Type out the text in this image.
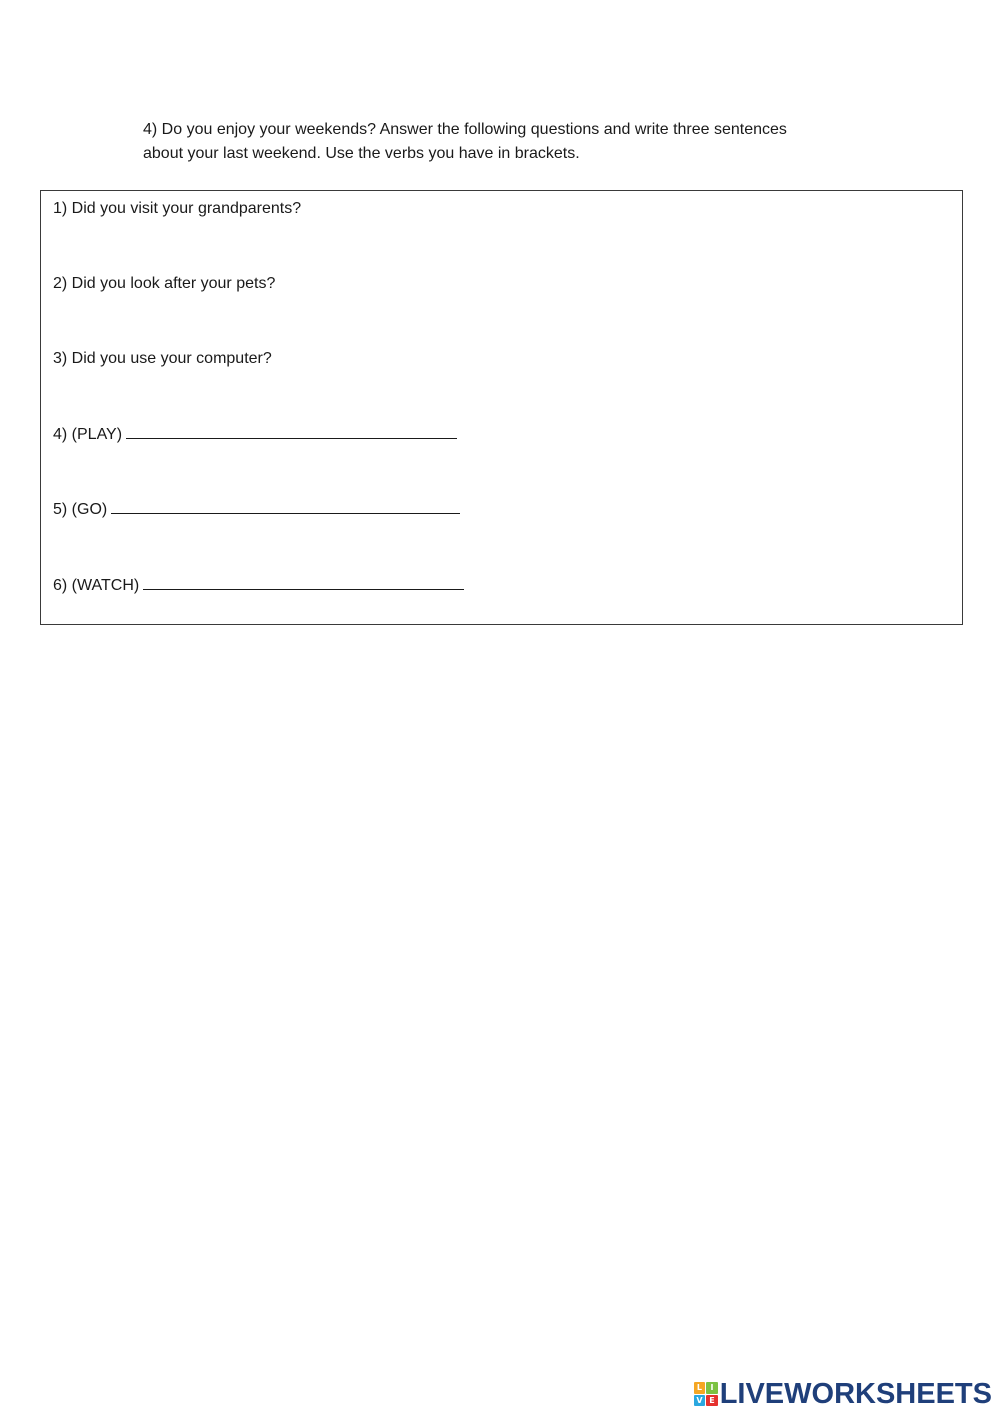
4) Do you enjoy your weekends? Answer the following questions and write three sentences

about your last weekend. Use the verbs you have in brackets.

1) Did you visit your grandparents?
2) Did you look after your pets?
3) Did you use your computer?
4) (PLAY)
5) (GO)
6) (WATCH)
L	I
V E LIVEWORKSHEETS
